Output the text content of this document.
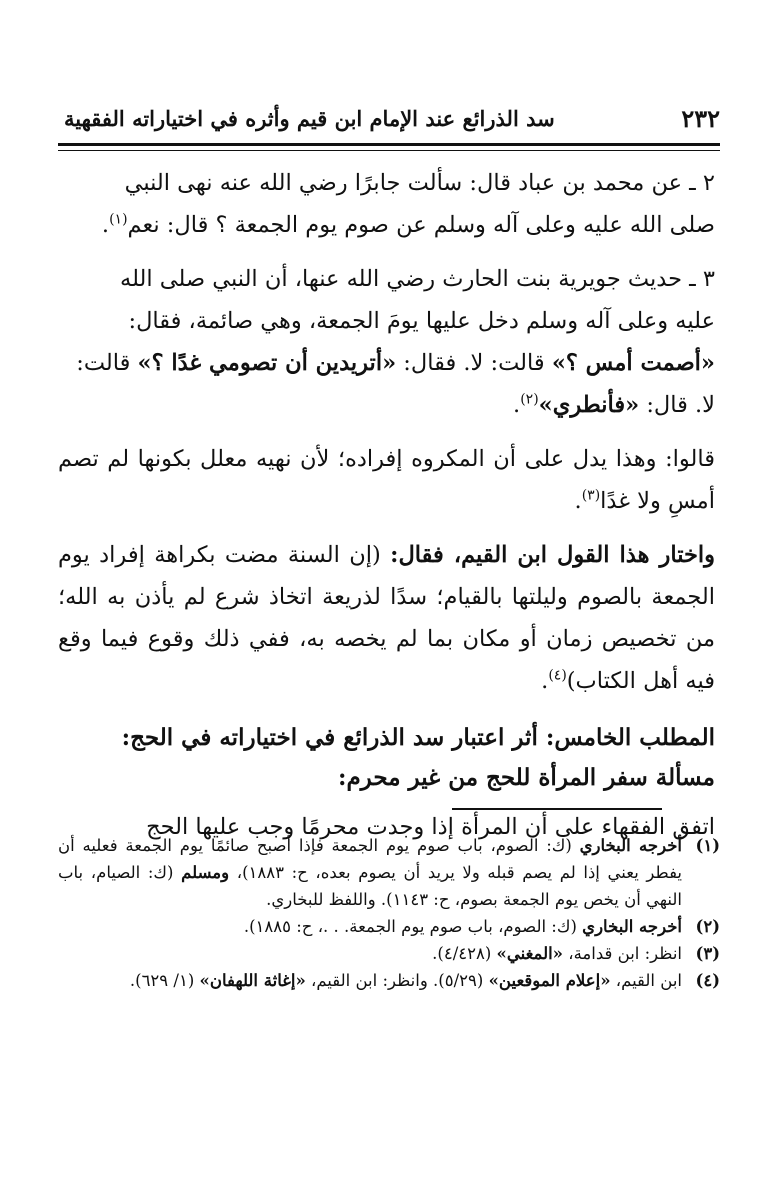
٢٣٢
سد الذرائع عند الإمام ابن قيم وأثره في اختياراته الفقهية

٢ ـ عن محمد بن عباد قال: سألت جابرًا رضي الله عنه نهى النبي

صلى الله عليه وعلى آله وسلم عن صوم يوم الجمعة ؟ قال: نعم$^{(١)}$.

٣ ـ حديث جويرية بنت الحارث رضي الله عنها، أن النبي صلى الله

عليه وعلى آله وسلم دخل عليها يومَ الجمعة، وهي صائمة، فقال:

«أصمت أمس ؟» قالت: لا. فقال: «أتريدين أن تصومي غدًا ؟» قالت:

لا. قال: «فأنطري»$^{(٢)}$.

قالوا: وهذا يدل على أن المكروه إفراده؛ لأن نهيه معلل بكونها لم تصم أمسِ ولا غدًا$^{(٣)}$.

واختار هذا القول ابن القيم، فقال: (إن السنة مضت بكراهة إفراد يوم الجمعة بالصوم وليلتها بالقيام؛ سدًا لذريعة اتخاذ شرع لم يأذن به الله؛ من تخصيص زمان أو مكان بما لم يخصه به، ففي ذلك وقوع فيما وقع فيه أهل الكتاب)$^{(٤)}$.

المطلب الخامس: أثر اعتبار سد الذرائع في اختياراته في الحج:

مسألة سفر المرأة للحج من غير محرم:

اتفق الفقهاء على أن المرأة إذا وجدت محرمًا وجب عليها الحج

(١)
أخرجه البخاري (ك: الصوم، باب صوم يوم الجمعة فإذا أصبح صائمًا يوم الجمعة فعليه أن يفطر يعني إذا لم يصم قبله ولا يريد أن يصوم بعده، ح: ١٨٨٣)، ومسلم (ك: الصيام، باب النهي أن يخص يوم الجمعة بصوم، ح: ١١٤٣). واللفظ للبخاري.

(٢)
أخرجه البخاري (ك: الصوم، باب صوم يوم الجمعة. . .، ح: ١٨٨٥).

(٣)
انظر: ابن قدامة، «المغني» (٤/٤٢٨).

(٤)
ابن القيم، «إعلام الموقعين» (٥/٢٩). وانظر: ابن القيم، «إغاثة اللهفان» (١/ ٦٢٩).
